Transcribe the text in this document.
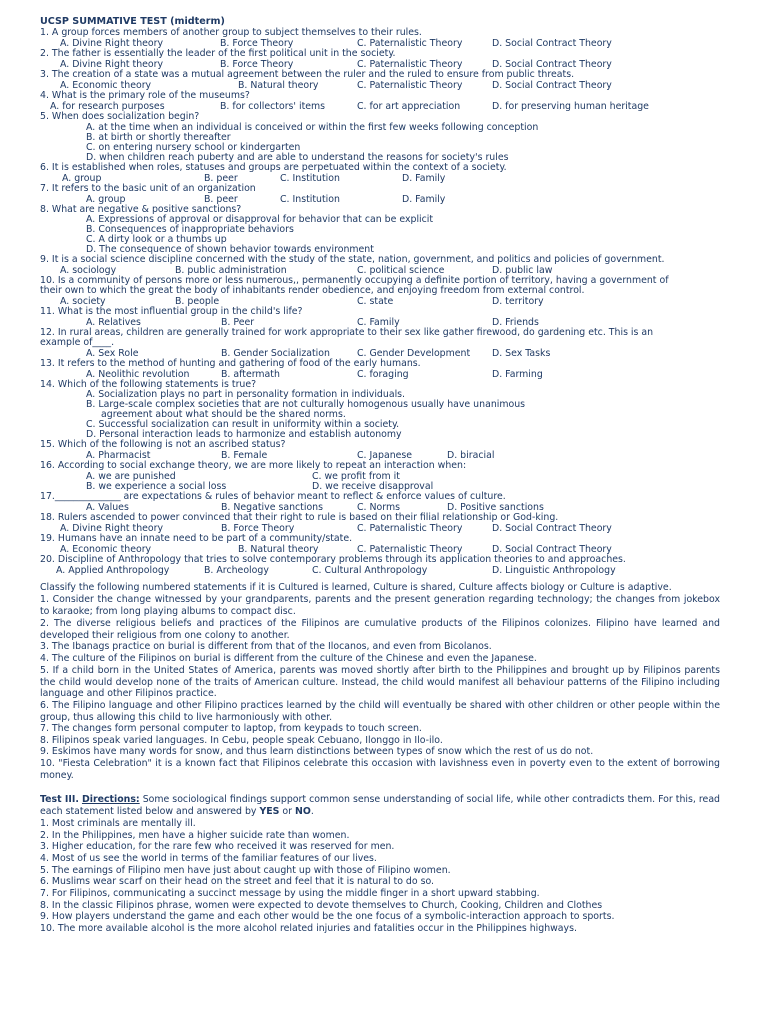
UCSP SUMMATIVE TEST (midterm)
1. A group forces members of another group to subject themselves to their rules.
A. Divine Right theory	B. Force Theory	C. Paternalistic Theory	D. Social Contract Theory
2. The father is essentially the leader of the first political unit in the society.
A. Divine Right theory	B. Force Theory	C. Paternalistic Theory	D. Social Contract Theory
3. The creation of a state was a mutual agreement between the ruler and the ruled to ensure from public threats.
A. Economic theory	B. Natural theory	C. Paternalistic Theory	D. Social Contract Theory
4. What is the primary role of the museums?
A. for research purposes	B. for collectors' items	C. for art appreciation	D. for preserving human heritage
5. When does socialization begin?
A. at the time when an individual is conceived or within the first few weeks following conception
B. at birth or shortly thereafter
C. on entering nursery school or kindergarten
D. when children reach puberty and are able to understand the reasons for society's rules
6. It is established when roles, statuses and groups are perpetuated within the context of a society.
A. group	B. peer	C. Institution	D. Family
7. It refers to the basic unit of an organization
A. group	B. peer	C. Institution	D. Family
8. What are negative & positive sanctions?
A. Expressions of approval or disapproval for behavior that can be explicit
B. Consequences of inappropriate behaviors
C. A dirty look or a thumbs up
D. The consequence of shown behavior towards environment
9. It is a social science discipline concerned with the study of the state, nation, government, and politics and policies of government.
A. sociology	B. public administration	C. political science	D. public law
10. Is a community of persons more or less numerous,, permanently occupying a definite portion of territory, having a government of
their own to which the great the body of inhabitants render obedience, and enjoying freedom from external control.
A. society	B. people	C. state	D. territory
11. What is the most influential group in the child's life?
A. Relatives	B. Peer	C. Family	D. Friends
12. In rural areas, children are generally trained for work appropriate to their sex like gather firewood, do gardening etc. This is an
example of____.
A. Sex Role	B. Gender Socialization	C. Gender Development D. Sex Tasks
13. It refers to the method of hunting and gathering of food of the early humans.
A. Neolithic revolution	B. aftermath	C. foraging	D. Farming
14. Which of the following statements is true?
A. Socialization plays no part in personality formation in individuals.
B. Large-scale complex societies that are not culturally homogenous usually have unanimous
agreement about what should be the shared norms.
C. Successful socialization can result in uniformity within a society.
D. Personal interaction leads to harmonize and establish autonomy
15. Which of the following is not an ascribed status?
A. Pharmacist	B. Female	C. Japanese	D. biracial
16. According to social exchange theory, we are more likely to repeat an interaction when:
A. we are punished	C. we profit from it
B. we experience a social loss	D. we receive disapproval
17.______________ are expectations & rules of behavior meant to reflect & enforce values of culture.
A. Values	B. Negative sanctions	C. Norms	D. Positive sanctions
18. Rulers ascended to power convinced that their right to rule is based on their filial relationship or God-king.
A. Divine Right theory	B. Force Theory	C. Paternalistic Theory	D. Social Contract Theory
19. Humans have an innate need to be part of a community/state.
A. Economic theory	B. Natural theory	C. Paternalistic Theory	D. Social Contract Theory
20. Discipline of Anthropology that tries to solve contemporary problems through its application theories to and approaches.
A. Applied Anthropology	B. Archeology	C. Cultural Anthropology	D. Linguistic Anthropology
Classify the following numbered statements if it is Cultured is learned, Culture is shared, Culture affects biology or Culture is adaptive.
1. Consider the change witnessed by your grandparents, parents and the present generation regarding technology; the changes from jokebox to karaoke; from long playing albums to compact disc.
2. The diverse religious beliefs and practices of the Filipinos are cumulative products of the Filipinos colonizes. Filipino have learned and developed their religious from one colony to another.
3. The Ibanags practice on burial is different from that of the Ilocanos, and even from Bicolanos.
4. The culture of the Filipinos on burial is different from the culture of the Chinese and even the Japanese.
5. If a child born in the United States of America, parents was moved shortly after birth to the Philippines and brought up by Filipinos parents the child would develop none of the traits of American culture. Instead, the child would manifest all behaviour patterns of the Filipino including language and other Filipinos practice.
6. The Filipino language and other Filipino practices learned by the child will eventually be shared with other children or other people within the group, thus allowing this child to live harmoniously with other.
7. The changes form personal computer to laptop, from keypads to touch screen.
8. Filipinos speak varied languages. In Cebu, people speak Cebuano, Ilonggo in Ilo-ilo.
9. Eskimos have many words for snow, and thus learn distinctions between types of snow which the rest of us do not.
10. "Fiesta Celebration" it is a known fact that Filipinos celebrate this occasion with lavishness even in poverty even to the extent of borrowing money.
Test III. Directions: Some sociological findings support common sense understanding of social life, while other contradicts them. For this, read each statement listed below and answered by YES or NO.
1. Most criminals are mentally ill.
2. In the Philippines, men have a higher suicide rate than women.
3. Higher education, for the rare few who received it was reserved for men.
4. Most of us see the world in terms of the familiar features of our lives.
5. The earnings of Filipino men have just about caught up with those of Filipino women.
6. Muslims wear scarf on their head on the street and feel that it is natural to do so.
7. For Filipinos, communicating a succinct message by using the middle finger in a short upward stabbing.
8. In the classic Filipinos phrase, women were expected to devote themselves to Church, Cooking, Children and Clothes
9. How players understand the game and each other would be the one focus of a symbolic-interaction approach to sports.
10. The more available alcohol is the more alcohol related injuries and fatalities occur in the Philippines highways.
